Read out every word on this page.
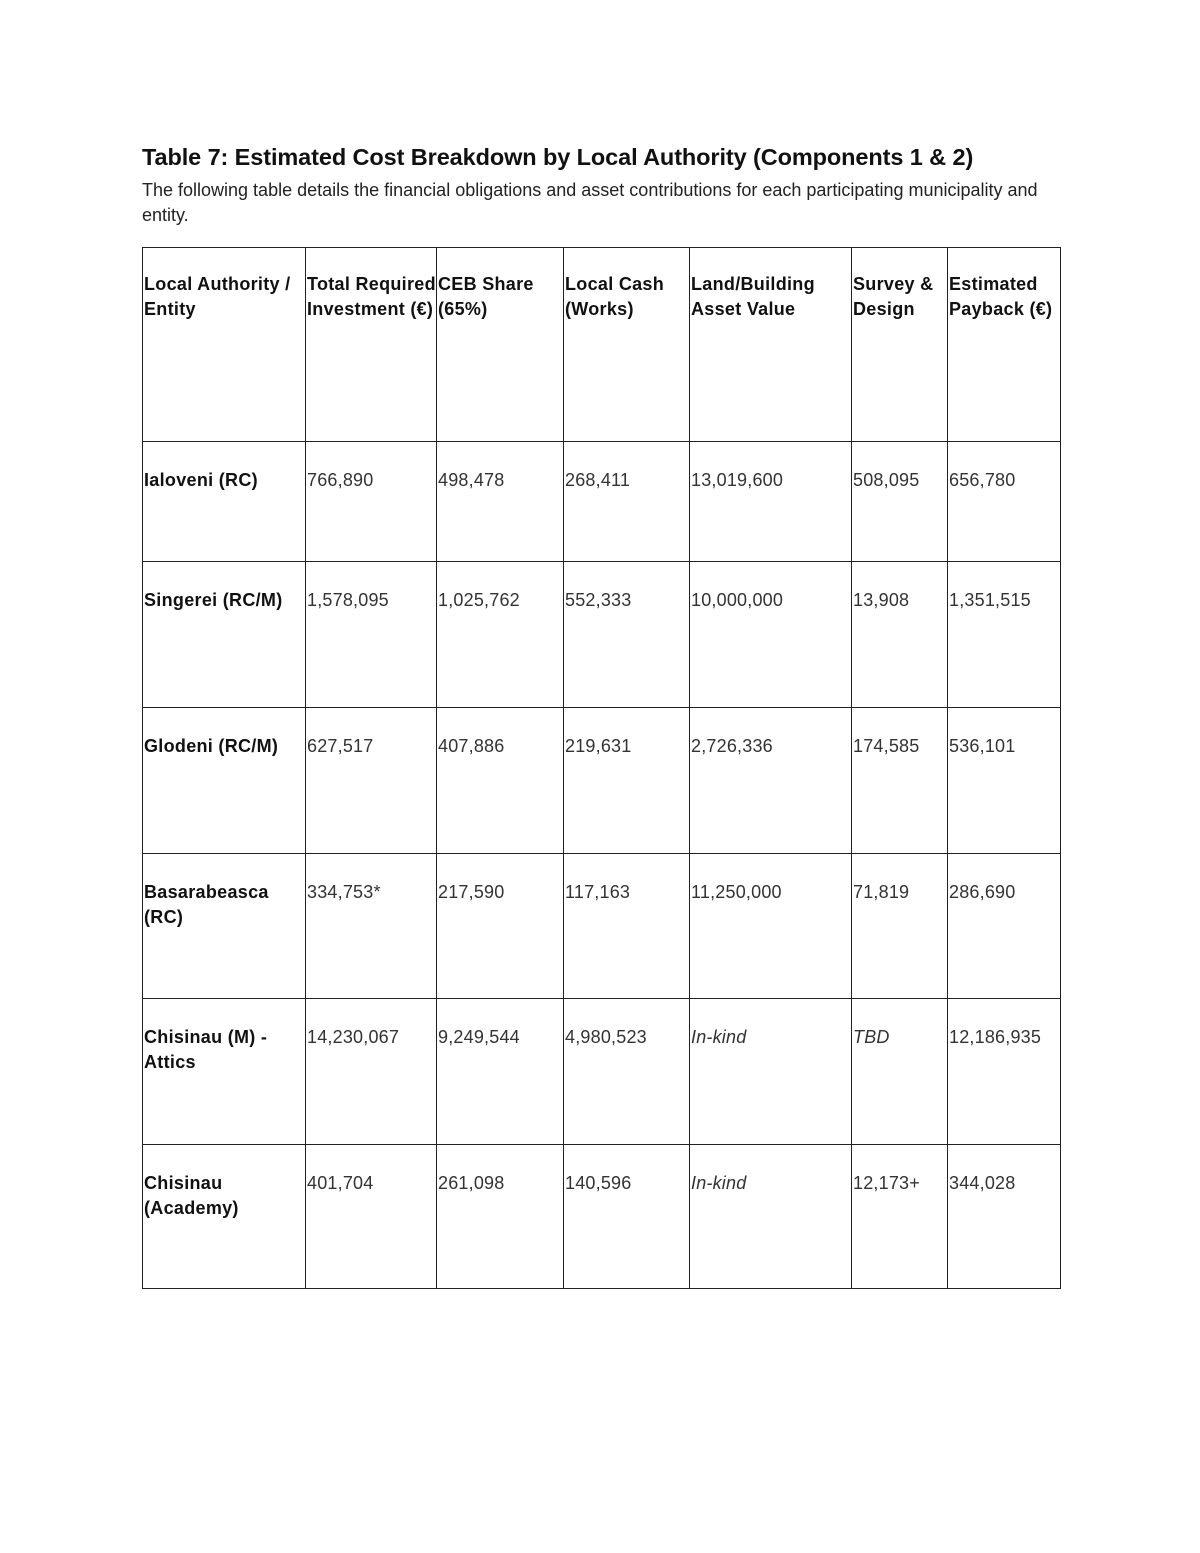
Table 7: Estimated Cost Breakdown by Local Authority (Components 1 & 2)

The following table details the financial obligations and asset contributions for each participating municipality and entity.

Local Authority / Entity	Total Required Investment (€)	CEB Share (65%)	Local Cash (Works)	Land/Building Asset Value	Survey & Design	Estimated Payback (€)
Ialoveni (RC)	766,890	498,478	268,411	13,019,600	508,095	656,780
Singerei (RC/M)	1,578,095	1,025,762	552,333	10,000,000	13,908	1,351,515
Glodeni (RC/M)	627,517	407,886	219,631	2,726,336	174,585	536,101
Basarabeasca (RC)	334,753*	217,590	117,163	11,250,000	71,819	286,690
Chisinau (M) - Attics	14,230,067	9,249,544	4,980,523	In-kind	TBD	12,186,935
Chisinau (Academy)	401,704	261,098	140,596	In-kind	12,173+	344,028
